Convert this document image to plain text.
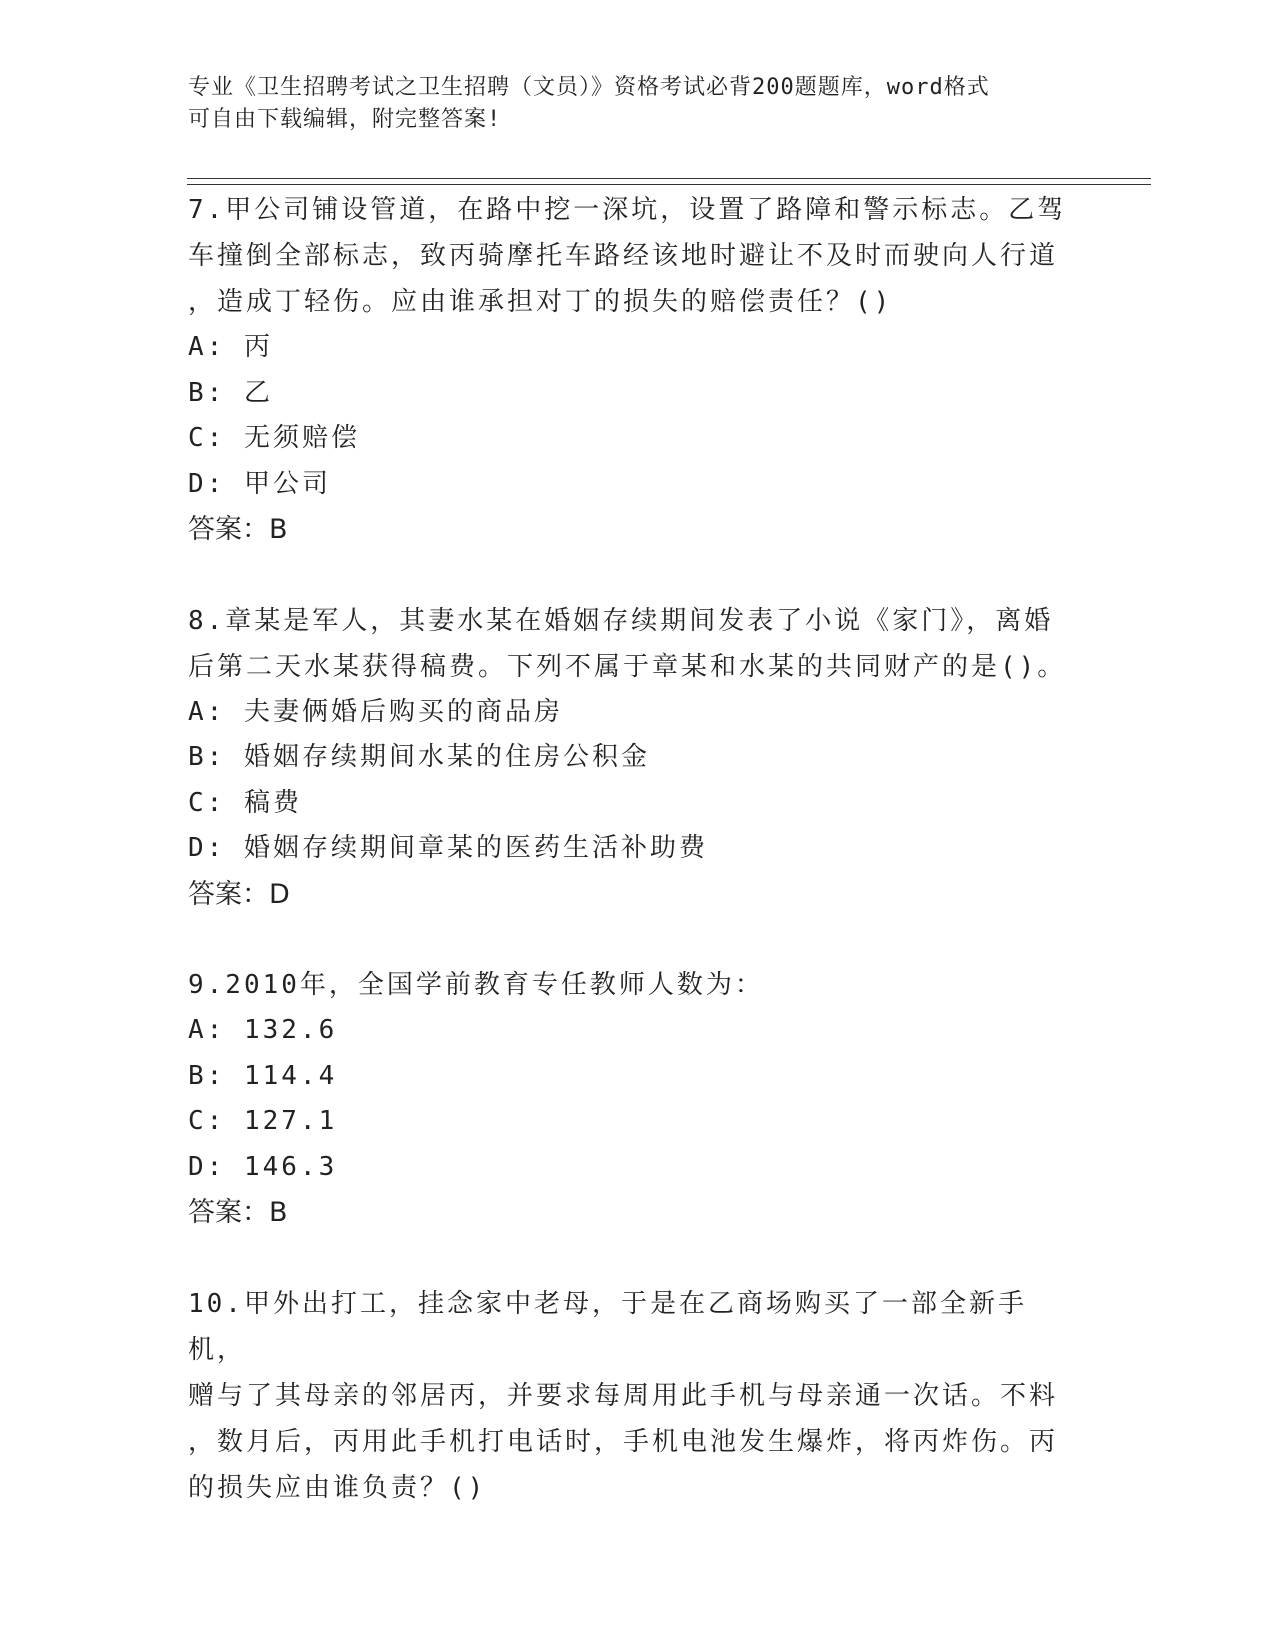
专业《卫生招聘考试之卫生招聘（文员）》资格考试必背200题题库，word格式
可自由下载编辑，附完整答案!

7.甲公司铺设管道，在路中挖一深坑，设置了路障和警示标志。乙驾

车撞倒全部标志，致丙骑摩托车路经该地时避让不及时而驶向人行道

，造成丁轻伤。应由谁承担对丁的损失的赔偿责任？()

A: 丙
B: 乙
C: 无须赔偿
D: 甲公司
答案：B

8.章某是军人，其妻水某在婚姻存续期间发表了小说《家门》，离婚

后第二天水某获得稿费。下列不属于章某和水某的共同财产的是()。

A: 夫妻俩婚后购买的商品房
B: 婚姻存续期间水某的住房公积金
C: 稿费
D: 婚姻存续期间章某的医药生活补助费
答案：D

9.2010年，全国学前教育专任教师人数为：

A: 132.6
B: 114.4
C: 127.1
D: 146.3
答案：B

10.甲外出打工，挂念家中老母，于是在乙商场购买了一部全新手机，

赠与了其母亲的邻居丙，并要求每周用此手机与母亲通一次话。不料

，数月后，丙用此手机打电话时，手机电池发生爆炸，将丙炸伤。丙

的损失应由谁负责？()
